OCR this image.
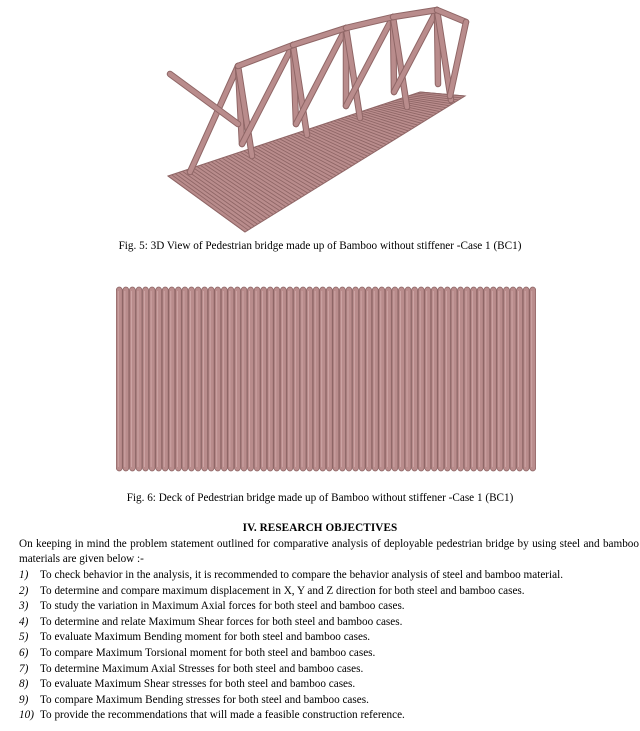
Fig. 5: 3D View of Pedestrian bridge made up of Bamboo without stiffener -Case 1 (BC1)
Fig. 6: Deck of Pedestrian bridge made up of Bamboo without stiffener -Case 1 (BC1)
IV. RESEARCH OBJECTIVES
On keeping in mind the problem statement outlined for comparative analysis of deployable pedestrian bridge by using steel and bamboo materials are given below :-
1) To check behavior in the analysis, it is recommended to compare the behavior analysis of steel and bamboo material.
2) To determine and compare maximum displacement in X, Y and Z direction for both steel and bamboo cases.
3) To study the variation in Maximum Axial forces for both steel and bamboo cases.
4) To determine and relate Maximum Shear forces for both steel and bamboo cases.
5) To evaluate Maximum Bending moment for both steel and bamboo cases.
6) To compare Maximum Torsional moment for both steel and bamboo cases.
7) To determine Maximum Axial Stresses for both steel and bamboo cases.
8) To evaluate Maximum Shear stresses for both steel and bamboo cases.
9) To compare Maximum Bending stresses for both steel and bamboo cases.
10) To provide the recommendations that will made a feasible construction reference.
